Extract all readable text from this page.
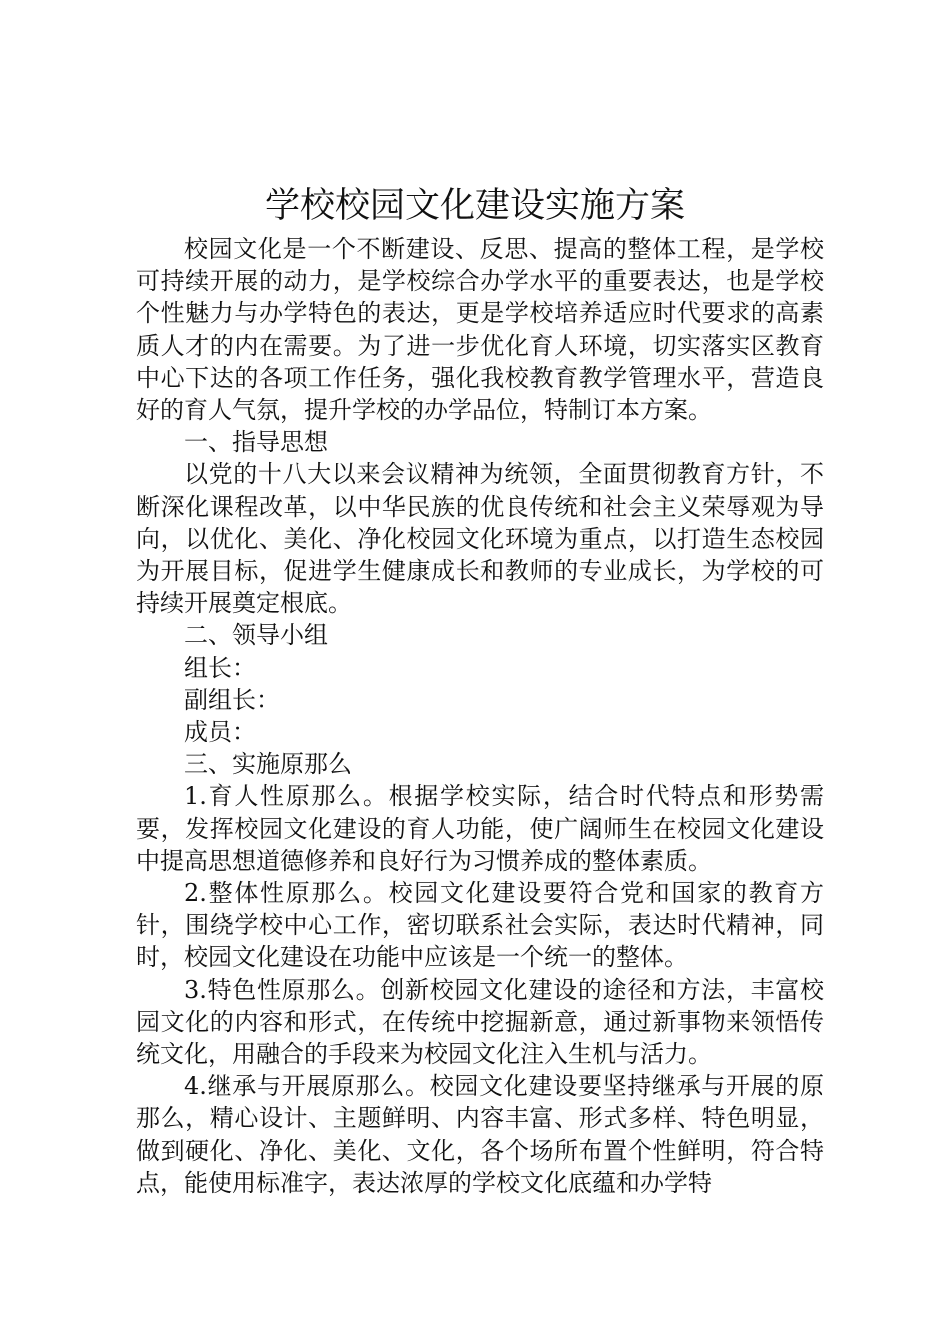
学校校园文化建设实施方案

校园文化是一个不断建设、反思、提高的整体工程，是学校可持续开展的动力，是学校综合办学水平的重要表达，也是学校个性魅力与办学特色的表达，更是学校培养适应时代要求的高素质人才的内在需要。为了进一步优化育人环境，切实落实区教育中心下达的各项工作任务，强化我校教育教学管理水平，营造良好的育人气氛，提升学校的办学品位，特制订本方案。

一、指导思想

以党的十八大以来会议精神为统领，全面贯彻教育方针，不断深化课程改革，以中华民族的优良传统和社会主义荣辱观为导向，以优化、美化、净化校园文化环境为重点，以打造生态校园为开展目标，促进学生健康成长和教师的专业成长，为学校的可持续开展奠定根底。

二、领导小组

组长：

副组长：

成员：

三、实施原那么

1.育人性原那么。根据学校实际，结合时代特点和形势需要，发挥校园文化建设的育人功能，使广阔师生在校园文化建设中提高思想道德修养和良好行为习惯养成的整体素质。

2.整体性原那么。校园文化建设要符合党和国家的教育方针，围绕学校中心工作，密切联系社会实际，表达时代精神，同时，校园文化建设在功能中应该是一个统一的整体。

3.特色性原那么。创新校园文化建设的途径和方法，丰富校园文化的内容和形式，在传统中挖掘新意，通过新事物来领悟传统文化，用融合的手段来为校园文化注入生机与活力。

4.继承与开展原那么。校园文化建设要坚持继承与开展的原那么，精心设计、主题鲜明、内容丰富、形式多样、特色明显，做到硬化、净化、美化、文化，各个场所布置个性鲜明，符合特点，能使用标准字，表达浓厚的学校文化底蕴和办学特
